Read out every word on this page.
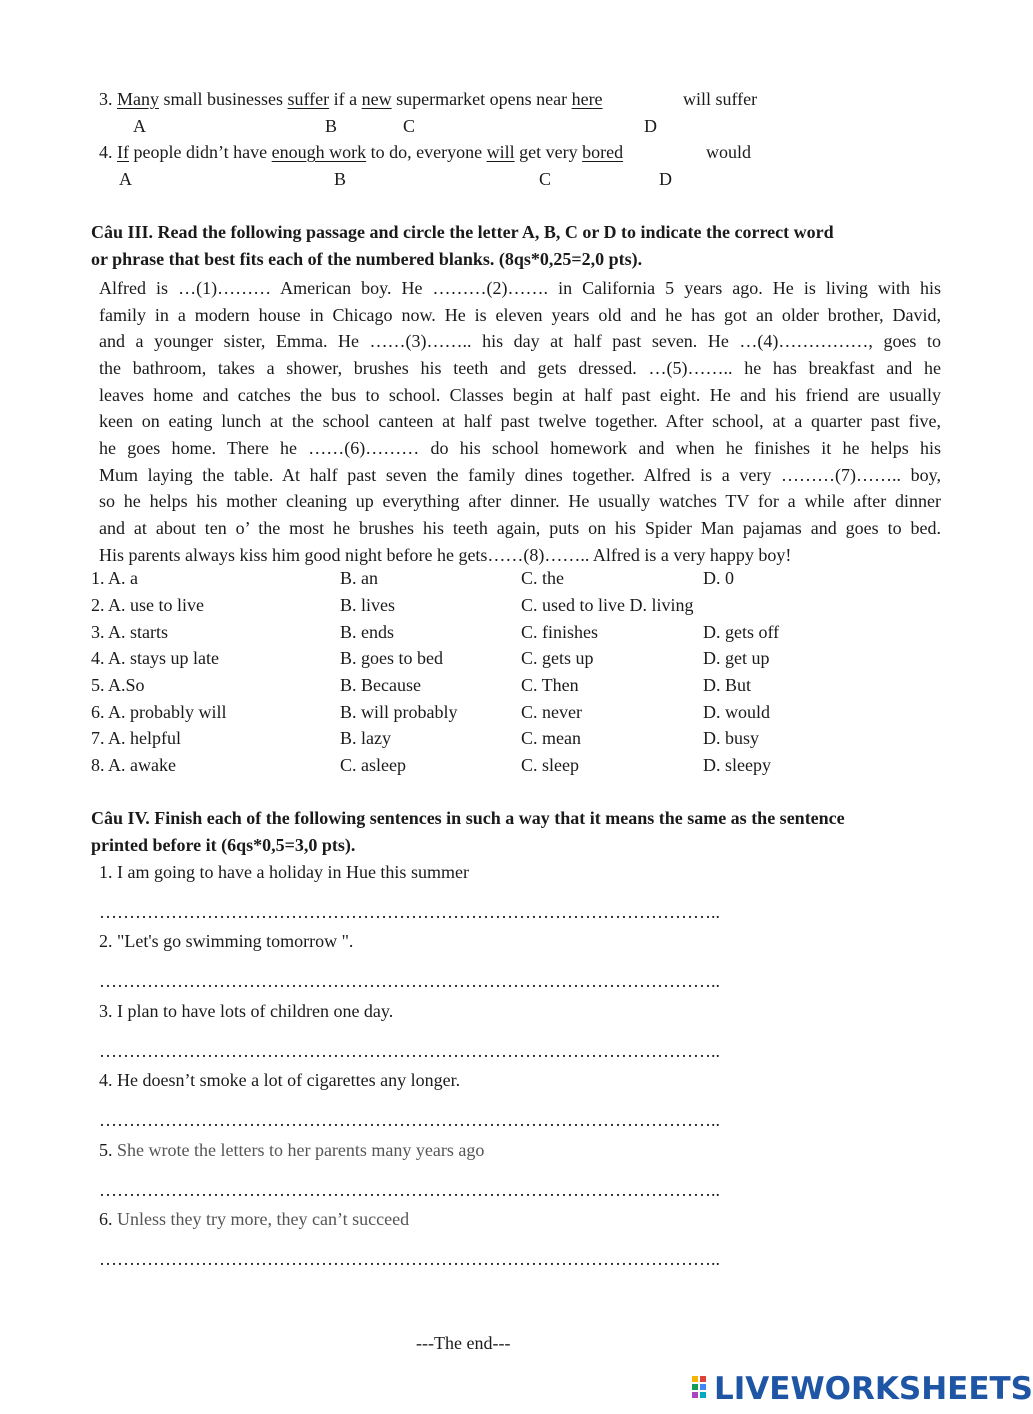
3. Many small businesses suffer if a new supermarket opens near here	will suffer
A	B	C	D
4. If people didn’t have enough work to do, everyone will get very bored	would
A	B	C	D
Câu III. Read the following passage and circle the letter A, B, C or D to indicate the correct word
or phrase that best fits each of the numbered blanks. (8qs*0,25=2,0 pts).

Alfred is …(1)……… American boy. He ………(2)……. in California 5 years ago. He is living with his

family in a modern house in Chicago now. He is eleven years old and he has got an older brother, David,

and a younger sister, Emma. He ……(3)…….. his day at half past seven. He …(4)……………, goes to

the bathroom, takes a shower, brushes his teeth and gets dressed. …(5)…….. he has breakfast and he

leaves home and catches the bus to school. Classes begin at half past eight. He and his friend are usually

keen on eating lunch at the school canteen at half past twelve together. After school, at a quarter past five,

he goes home. There he ……(6)……… do his school homework and when he finishes it he helps his

Mum laying the table. At half past seven the family dines together. Alfred is a very ………(7)…….. boy,

so he helps his mother cleaning up everything after dinner. He usually watches TV for a while after dinner

and at about ten o’ the most he brushes his teeth again, puts on his Spider Man pajamas and goes to bed.

His parents always kiss him good night before he gets……(8)…….. Alfred is a very happy boy!

1. A. a	B. an	C. the	D. 0
2. A. use to live	B. lives	C. used to live D. living
3. A. starts	B. ends	C. finishes	D. gets off
4. A. stays up late	B. goes to bed	C. gets up	D. get up
5. A.So	B. Because	C. Then	D. But
6. A. probably will	B. will probably	C. never	D. would
7. A. helpful	B. lazy	C. mean	D. busy
8. A. awake	C. asleep	C. sleep	D. sleepy
Câu IV. Finish each of the following sentences in such a way that it means the same as the sentence
printed before it (6qs*0,5=3,0 pts).
1. I am going to have a holiday in Hue this summer
…………………………………………………………………………………………..
2. "Let's go swimming tomorrow ".
…………………………………………………………………………………………..
3. I plan to have lots of children one day.
…………………………………………………………………………………………..
4. He doesn’t smoke a lot of cigarettes any longer.
…………………………………………………………………………………………..
5. She wrote the letters to her parents many years ago
…………………………………………………………………………………………..
6. Unless they try more, they can’t succeed
…………………………………………………………………………………………..
---The end---
LIVEWORKSHEETS
